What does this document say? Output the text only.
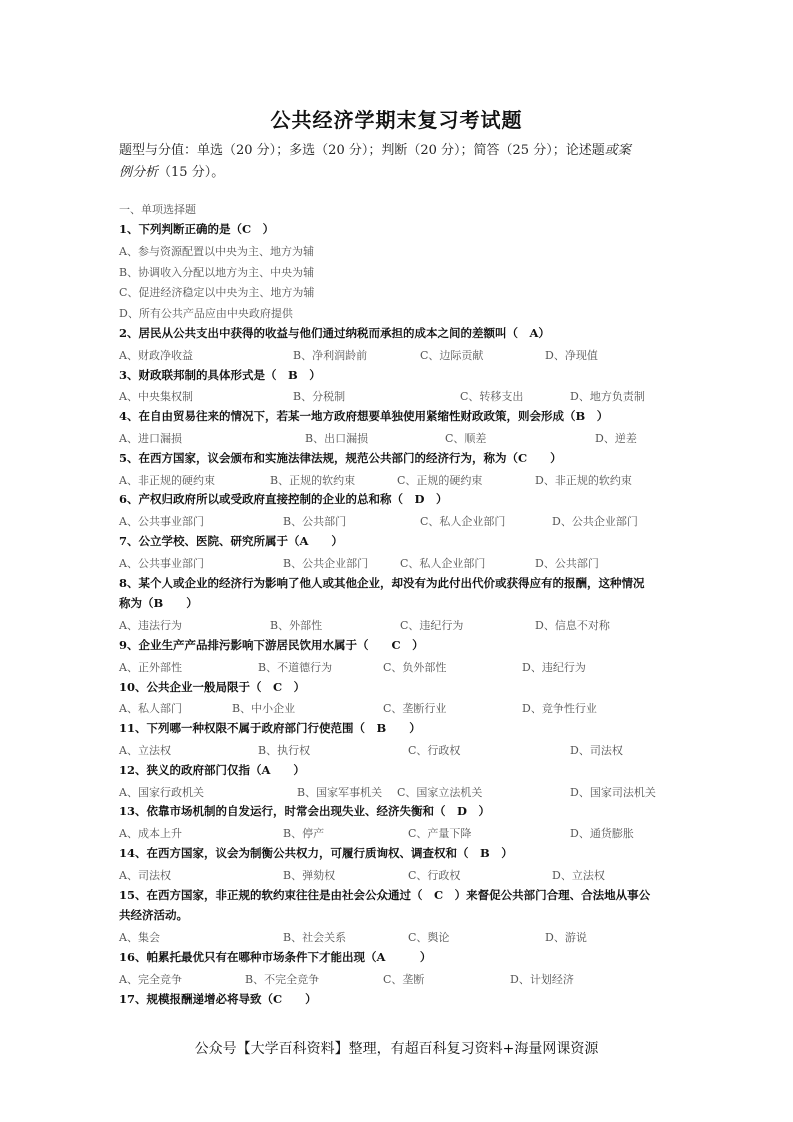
公共经济学期末复习考试题
题型与分值：单选（20 分）；多选（20 分）；判断（20 分）；简答（25 分）；论述题或案
例分析（15 分）。
一、单项选择题
1、下列判断正确的是（C　）
A、参与资源配置以中央为主、地方为辅
B、协调收入分配以地方为主、中央为辅
C、促进经济稳定以中央为主、地方为辅
D、所有公共产品应由中央政府提供
2、居民从公共支出中获得的收益与他们通过纳税而承担的成本之间的差额叫（　A）
A、财政净收益	B、净利润龄前	C、边际贡献	D、净现值
3、财政联邦制的具体形式是（　B　）
A、中央集权制	B、分税制	C、转移支出	D、地方负责制
4、在自由贸易往来的情况下，若某一地方政府想要单独使用紧缩性财政政策，则会形成（B　）
A、进口漏损	B、出口漏损	C、顺差	D、逆差
5、在西方国家，议会颁布和实施法律法规，规范公共部门的经济行为，称为（C　　）
A、非正规的硬约束	B、正规的软约束	C、正规的硬约束	D、非正规的软约束
6、产权归政府所以或受政府直接控制的企业的总和称（　D　）
A、公共事业部门	B、公共部门	C、私人企业部门	D、公共企业部门
7、公立学校、医院、研究所属于（A　　）
A、公共事业部门	B、公共企业部门	C、私人企业部门	D、公共部门
8、某个人或企业的经济行为影响了他人或其他企业，却没有为此付出代价或获得应有的报酬，这种情况
称为（B　　）
A、违法行为	B、外部性	C、违纪行为	D、信息不对称
9、企业生产产品排污影响下游居民饮用水属于（　　C　）
A、正外部性	B、不道德行为	C、负外部性	D、违纪行为
10、公共企业一般局限于（　C　）
A、私人部门	B、中小企业	C、垄断行业	D、竞争性行业
11、下列哪一种权限不属于政府部门行使范围（　B　　）
A、立法权	B、执行权	C、行政权	D、司法权
12、狭义的政府部门仅指（A　　）
A、国家行政机关	B、国家军事机关 C、国家立法机关	D、国家司法机关
13、依靠市场机制的自发运行，时常会出现失业、经济失衡和（　D　）
A、成本上升	B、停产	C、产量下降	D、通货膨胀
14、在西方国家，议会为制衡公共权力，可履行质询权、调查权和（　B　）
A、司法权	B、弹劾权	C、行政权	D、立法权
15、在西方国家，非正规的软约束往往是由社会公众通过（　C　）来督促公共部门合理、合法地从事公
共经济活动。
A、集会	B、社会关系	C、舆论	D、游说
16、帕累托最优只有在哪种市场条件下才能出现（A　　　）
A、完全竞争	B、不完全竞争	C、垄断	D、计划经济
17、规模报酬递增必将导致（C　　）
公众号【大学百科资料】整理，有超百科复习资料+海量网课资源
